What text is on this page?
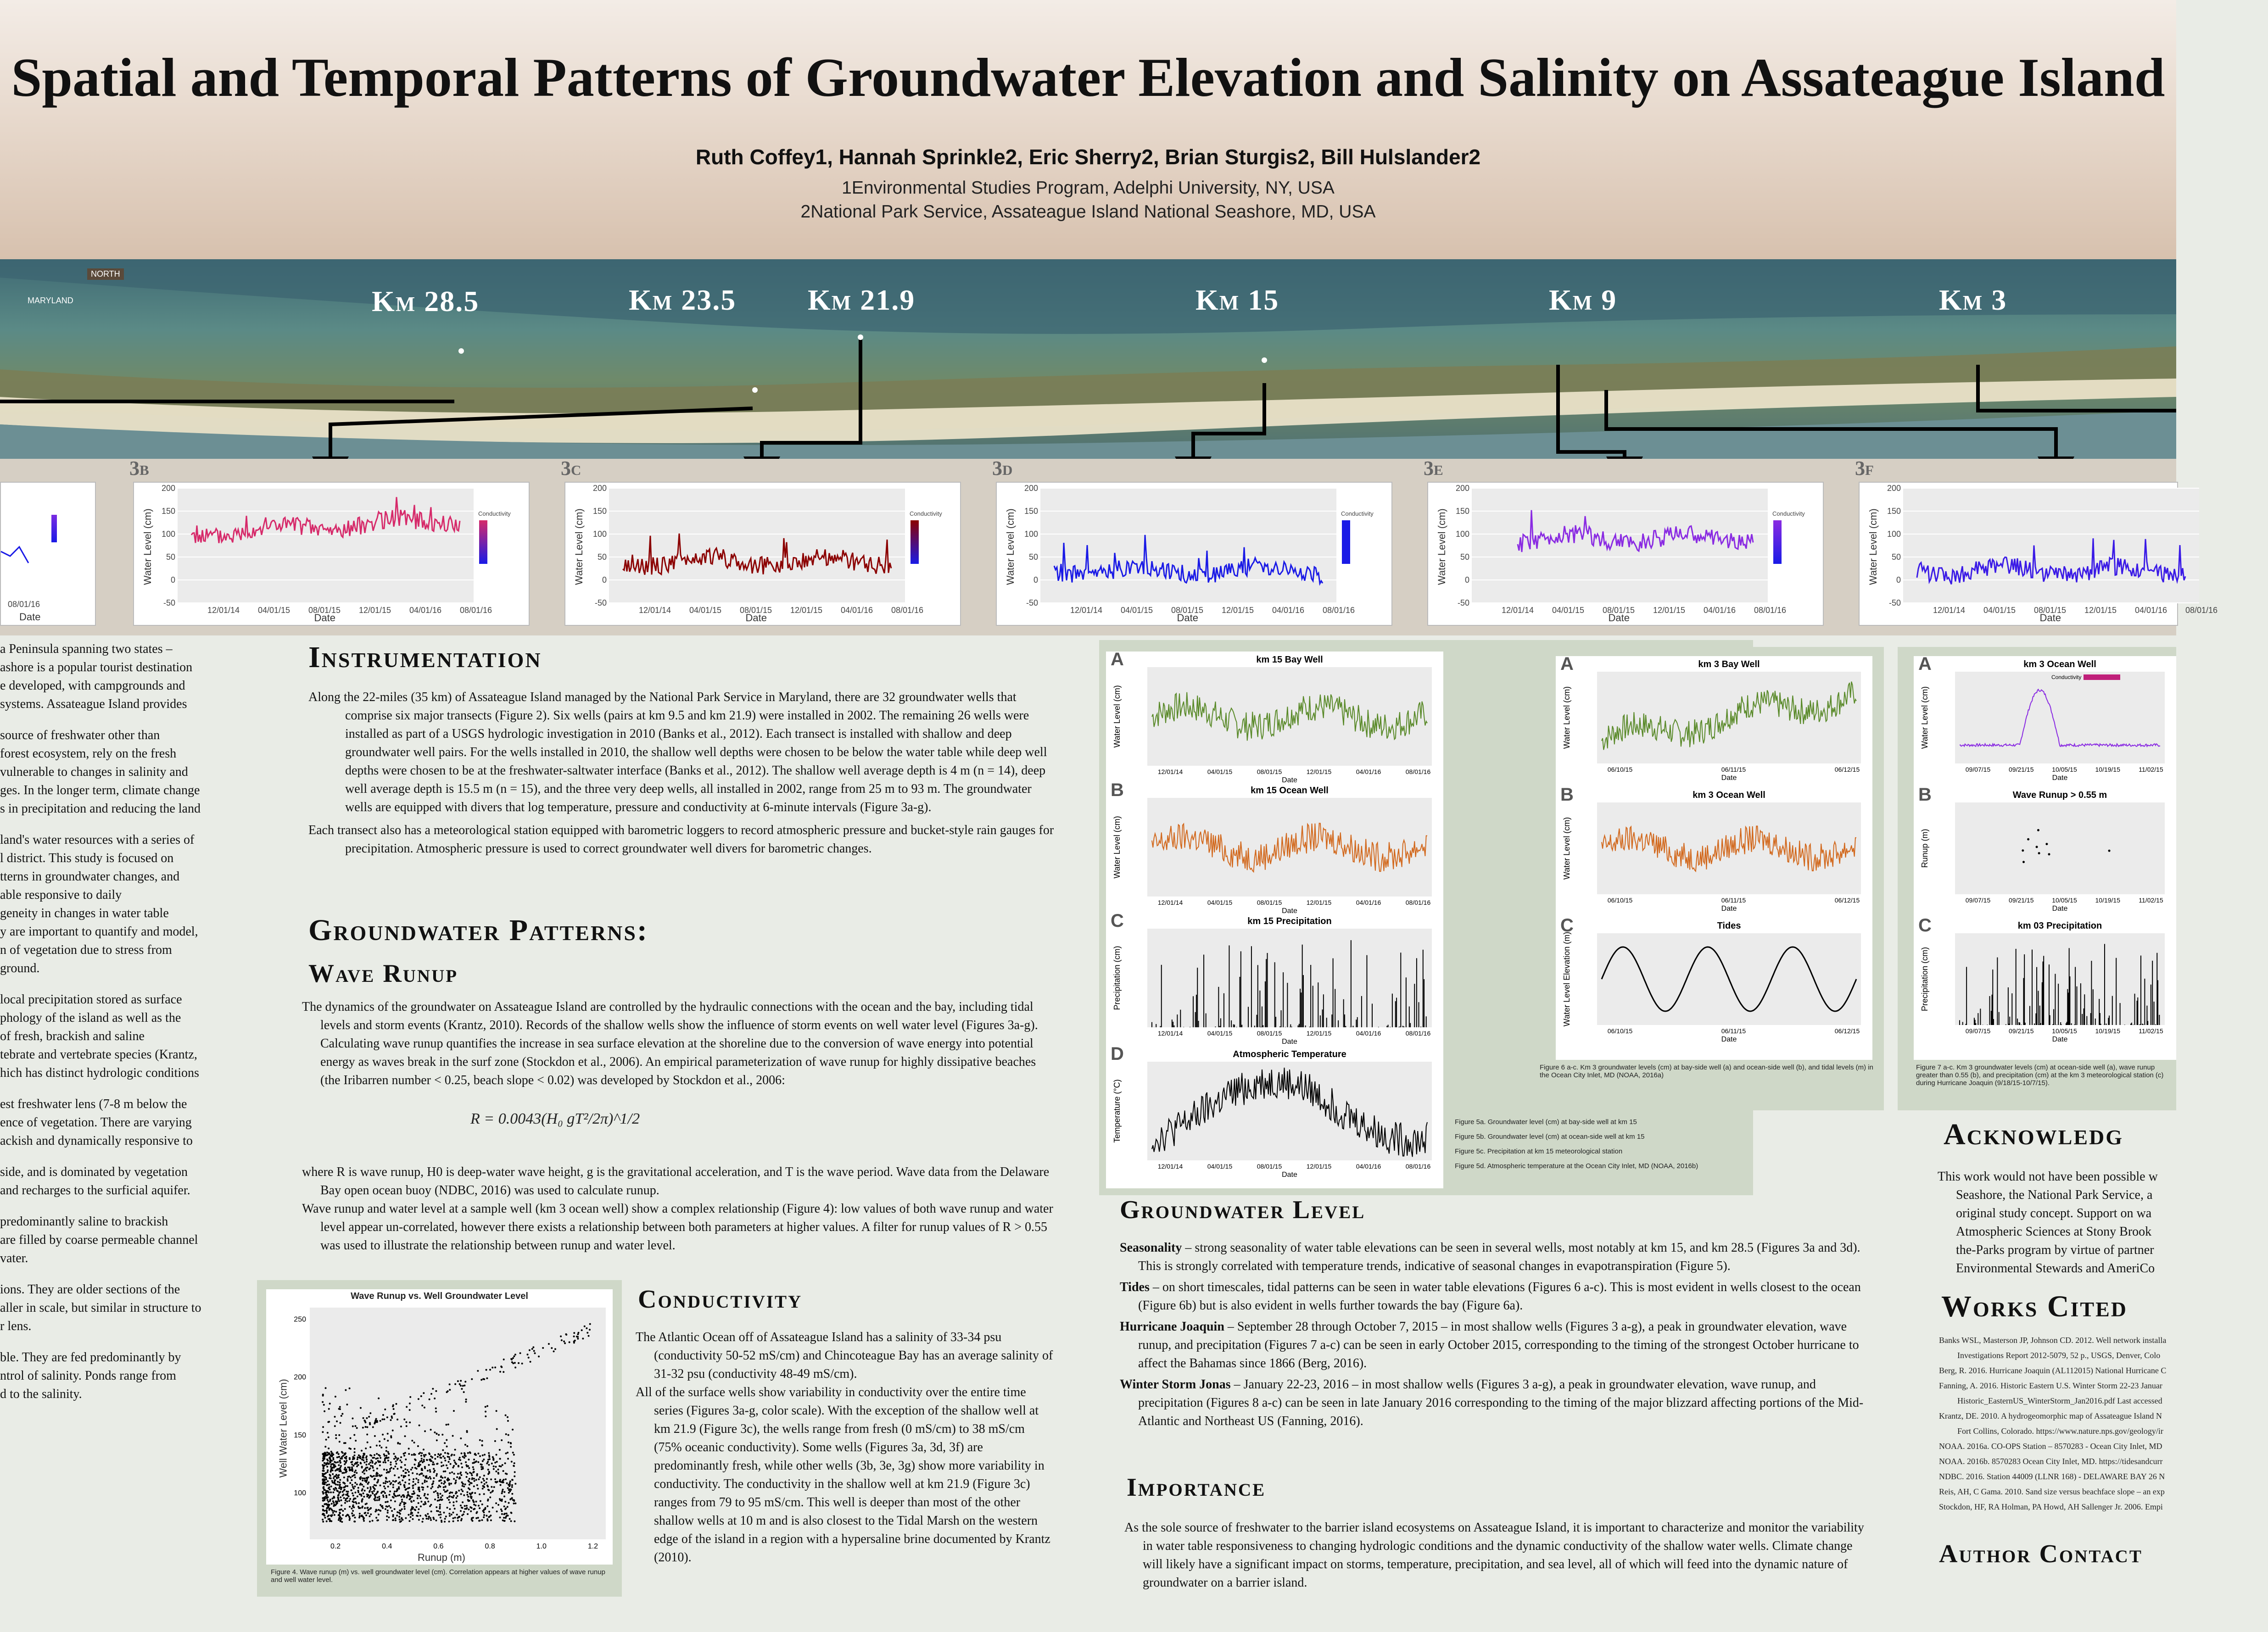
Spatial and Temporal Patterns of Groundwater Elevation and Salinity on Assateague Island
Ruth Coffey1, Hannah Sprinkle2, Eric Sherry2, Brian Sturgis2, Bill Hulslander2
1Environmental Studies Program, Adelphi University, NY, USA
2National Park Service, Assateague Island National Seashore, MD, USA
NORTH
MARYLAND	Km 28.5	Km 23.5 Km 21.9	Km 15	Km 9	Km 3
08/01/16
Date
3b
200
150
100
50
0
-50
12/01/14 04/01/15 08/01/15 12/01/15 04/01/16 08/01/16
Date
Water Level (cm)	Conductivity
3c
200
150
100
50
0
-50
12/01/14 04/01/15 08/01/15 12/01/15 04/01/16 08/01/16
Date
Water Level (cm)	Conductivity
3d
200
150
100
50
0
-50
12/01/14 04/01/15 08/01/15 12/01/15 04/01/16 08/01/16
Date
Water Level (cm)	Conductivity
3e
200
150
100
50
0
-50
12/01/14 04/01/15 08/01/15 12/01/15 04/01/16 08/01/16
Date
Water Level (cm)	Conductivity
3f
200
150
100
50
0
-50
12/01/14 04/01/15 08/01/15 12/01/15 04/01/16 08/01/16
Date
Water Level (cm)
a Peninsula spanning two states –
ashore is a popular tourist destination
e developed, with campgrounds and
systems. Assateague Island provides
source of freshwater other than
forest ecosystem, rely on the fresh
vulnerable to changes in salinity and
ges. In the longer term, climate change
s in precipitation and reducing the land
land's water resources with a series of
l district. This study is focused on
tterns in groundwater changes, and
able responsive to daily
geneity in changes in water table
y are important to quantify and model,
n of vegetation due to stress from
ground.
local precipitation stored as surface
phology of the island as well as the
of fresh, brackish and saline
tebrate and vertebrate species (Krantz,
hich has distinct hydrologic conditions
est freshwater lens (7-8 m below the
ence of vegetation. There are varying
ackish and dynamically responsive to
side, and is dominated by vegetation
and recharges to the surficial aquifer.
predominantly saline to brackish
are filled by coarse permeable channel
vater.
ions. They are older sections of the
aller in scale, but similar in structure to
r lens.
ble. They are fed predominantly by
ntrol of salinity. Ponds range from
d to the salinity.
Instrumentation

Along the 22-miles (35 km) of Assateague Island managed by the National Park Service in Maryland, there are 32 groundwater wells that comprise six major transects (Figure 2). Six wells (pairs at km 9.5 and km 21.9) were installed in 2002. The remaining 26 wells were installed as part of a USGS hydrologic investigation in 2010 (Banks et al., 2012). Each transect is installed with shallow and deep groundwater well pairs. For the wells installed in 2010, the shallow well depths were chosen to be below the water table while deep well depths were chosen to be at the freshwater-saltwater interface (Banks et al., 2012). The shallow well average depth is 4 m (n = 14), deep well average depth is 15.5 m (n = 15), and the three very deep wells, all installed in 2002, range from 25 m to 93 m. The groundwater wells are equipped with divers that log temperature, pressure and conductivity at 6-minute intervals (Figure 3a-g).

Each transect also has a meteorological station equipped with barometric loggers to record atmospheric pressure and bucket-style rain gauges for precipitation. Atmospheric pressure is used to correct groundwater well divers for barometric changes.

Groundwater Patterns:
Wave Runup

The dynamics of the groundwater on Assateague Island are controlled by the hydraulic connections with the ocean and the bay, including tidal levels and storm events (Krantz, 2010). Records of the shallow wells show the influence of storm events on well water level (Figures 3a-g). Calculating wave runup quantifies the increase in sea surface elevation at the shoreline due to the conversion of wave energy into potential energy as waves break in the surf zone (Stockdon et al., 2006). An empirical parameterization of wave runup for highly dissipative beaches (the Iribarren number < 0.25, beach slope < 0.02) was developed by Stockdon et al., 2006:

R = 0.0043(H₀ gT²/2π)^1/2

where R is wave runup, H0 is deep-water wave height, g is the gravitational acceleration, and T is the wave period. Wave data from the Delaware Bay open ocean buoy (NDBC, 2016) was used to calculate runup.

Wave runup and water level at a sample well (km 3 ocean well) show a complex relationship (Figure 4): low values of both wave runup and water level appear un-correlated, however there exists a relationship between both parameters at higher values. A filter for runup values of R > 0.55 was used to illustrate the relationship between runup and water level.

Wave Runup vs. Well Groundwater Level
0.2	0.4	0.6	0.8	1.0	1.2
250
200
150
100
Runup (m)
Well Water Level (cm)
Figure 4. Wave runup (m) vs. well groundwater level (cm). Correlation appears at higher values of wave runup and well water level.
Conductivity

The Atlantic Ocean off of Assateague Island has a salinity of 33-34 psu (conductivity 50-52 mS/cm) and Chincoteague Bay has an average salinity of 31-32 psu (conductivity 48-49 mS/cm).

All of the surface wells show variability in conductivity over the entire time series (Figures 3a-g, color scale). With the exception of the shallow well at km 21.9 (Figure 3c), the wells range from fresh (0 mS/cm) to 38 mS/cm (75% oceanic conductivity). Some wells (Figures 3a, 3d, 3f) are predominantly fresh, while other wells (3b, 3e, 3g) show more variability in conductivity. The conductivity in the shallow well at km 21.9 (Figure 3c) ranges from 79 to 95 mS/cm. This well is deeper than most of the other shallow wells at 10 m and is also closest to the Tidal Marsh on the western edge of the island in a region with a hypersaline brine documented by Krantz (2010).

A	km 15 Bay Well
Water Level (cm)
12/01/14	04/01/15	08/01/15	12/01/15	04/01/16	08/01/16
Date
B	km 15 Ocean Well
Water Level (cm)
12/01/14	04/01/15	08/01/15	12/01/15	04/01/16	08/01/16
Date
C	km 15 Precipitation
Precipitation (cm)
12/01/14	04/01/15	08/01/15	12/01/15	04/01/16	08/01/16
Date
D	Atmospheric Temperature
Temperature (°C)
12/01/14	04/01/15	08/01/15	12/01/15	04/01/16	08/01/16
Date
Figure 5a. Groundwater level (cm) at bay-side well at km 15
Figure 5b. Groundwater level (cm) at ocean-side well at km 15
Figure 5c. Precipitation at km 15 meteorological station
Figure 5d. Atmospheric temperature at the Ocean City Inlet, MD (NOAA, 2016b)
A	km 3 Bay Well
Water Level (cm)
06/10/15	06/11/15	06/12/15
Date
B	km 3 Ocean Well
Water Level (cm)
06/10/15	06/11/15	06/12/15
Date
C	Tides
Water Level Elevation (m)
06/10/15	06/11/15	06/12/15
Date
Figure 6 a-c. Km 3 groundwater levels (cm) at bay-side well (a) and ocean-side well (b), and tidal levels (m) in the Ocean City Inlet, MD (NOAA, 2016a)
A	km 3 Ocean Well
Water Level (cm)
09/07/15	09/21/15	10/05/15	10/19/15	11/02/15
Date
B	Wave Runup > 0.55 m
Runup (m)
09/07/15	09/21/15	10/05/15	10/19/15	11/02/15
Date
C	km 03 Precipitation
Precipitation (cm)
09/07/15	09/21/15	10/05/15	10/19/15	11/02/15
Date
Conductivity
Figure 7 a-c. Km 3 groundwater levels (cm) at ocean-side well (a), wave runup greater than 0.55 (b), and precipitation (cm) at the km 3 meteorological station (c) during Hurricane Joaquin (9/18/15-10/7/15).
Groundwater Level

Seasonality – strong seasonality of water table elevations can be seen in several wells, most notably at km 15, and km 28.5 (Figures 3a and 3d). This is strongly correlated with temperature trends, indicative of seasonal changes in evapotranspiration (Figure 5).

Tides – on short timescales, tidal patterns can be seen in water table elevations (Figures 6 a-c). This is most evident in wells closest to the ocean (Figure 6b) but is also evident in wells further towards the bay (Figure 6a).

Hurricane Joaquin – September 28 through October 7, 2015 – in most shallow wells (Figures 3 a-g), a peak in groundwater elevation, wave runup, and precipitation (Figures 7 a-c) can be seen in early October 2015, corresponding to the timing of the strongest October hurricane to affect the Bahamas since 1866 (Berg, 2016).

Winter Storm Jonas – January 22-23, 2016 – in most shallow wells (Figures 3 a-g), a peak in groundwater elevation, wave runup, and precipitation (Figures 8 a-c) can be seen in late January 2016 corresponding to the timing of the major blizzard affecting portions of the Mid-Atlantic and Northeast US (Fanning, 2016).

Importance

As the sole source of freshwater to the barrier island ecosystems on Assateague Island, it is important to characterize and monitor the variability in water table responsiveness to changing hydrologic conditions and the dynamic conductivity of the shallow water wells. Climate change will likely have a significant impact on storms, temperature, precipitation, and sea level, all of which will feed into the dynamic nature of groundwater on a barrier island.

Acknowledg
This work would not have been possible w
Seashore, the National Park Service, a
original study concept. Support on wa
Atmospheric Sciences at Stony Brook
the-Parks program by virtue of partner
Environmental Stewards and AmeriCo
Works Cited
Banks WSL, Masterson JP, Johnson CD. 2012. Well network installa
Investigations Report 2012-5079, 52 p., USGS, Denver, Colo
Berg, R. 2016. Hurricane Joaquin (AL112015) National Hurricane C
Fanning, A. 2016. Historic Eastern U.S. Winter Storm 22-23 Januar
Historic_EasternUS_WinterStorm_Jan2016.pdf Last accessed
Krantz, DE. 2010. A hydrogeomorphic map of Assateague Island N
Fort Collins, Colorado. https://www.nature.nps.gov/geology/ir
NOAA. 2016a. CO-OPS Station – 8570283 - Ocean City Inlet, MD
NOAA. 2016b. 8570283 Ocean City Inlet, MD. https://tidesandcurr
NDBC. 2016. Station 44009 (LLNR 168) - DELAWARE BAY 26 N
Reis, AH, C Gama. 2010. Sand size versus beachface slope – an exp
Stockdon, HF, RA Holman, PA Howd, AH Sallenger Jr. 2006. Empi
Author Contact
